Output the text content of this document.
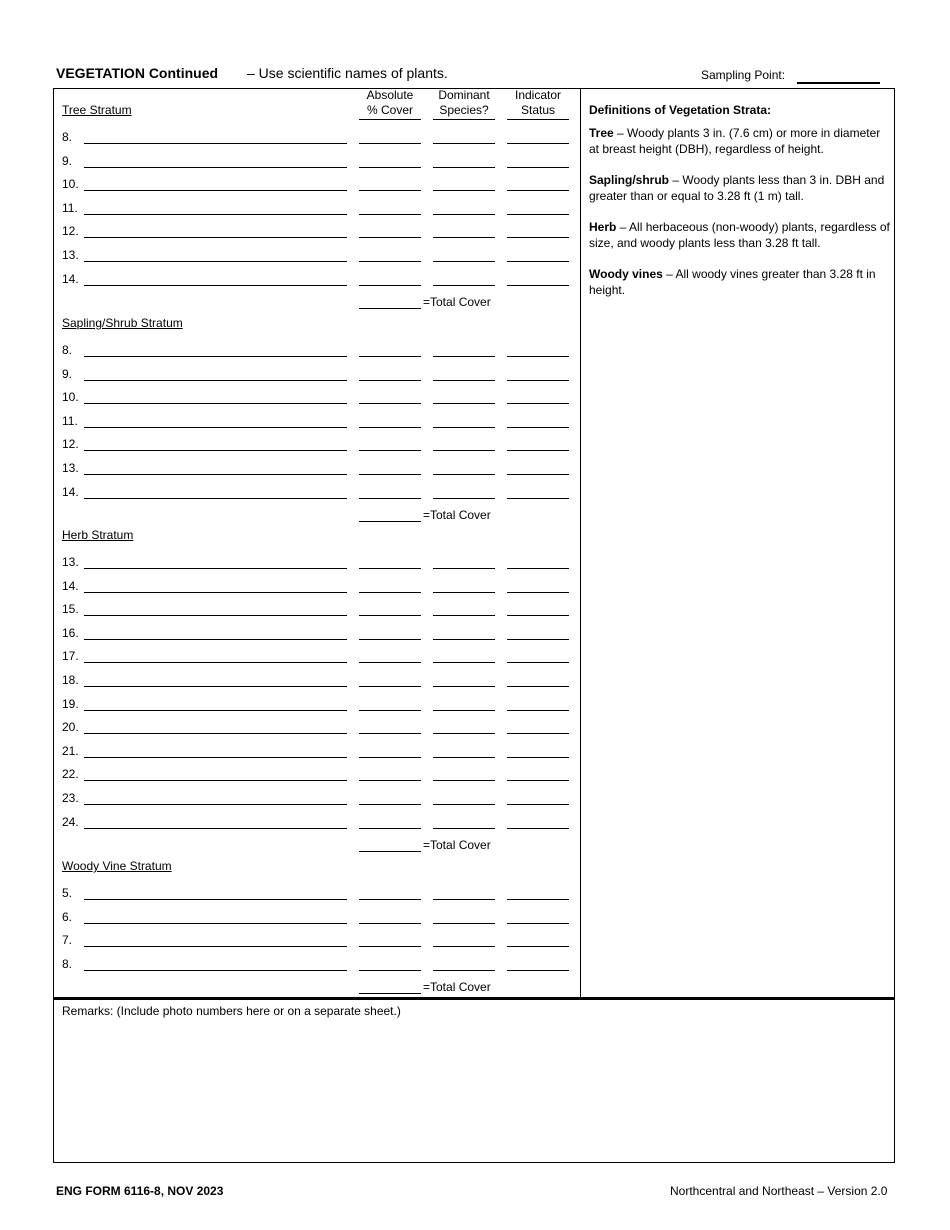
VEGETATION Continued – Use scientific names of plants.	Sampling Point:
Absolute
% Cover
Dominant
Species?
Indicator
Status
Tree Stratum
8.
9.
10.
11.
12.
13.
14.
=Total Cover
Sapling/Shrub Stratum
8.
9.
10.
11.
12.
13.
14.
=Total Cover
Herb Stratum
13.
14.
15.
16.
17.
18.
19.
20.
21.
22.
23.
24.
=Total Cover
Woody Vine Stratum
5.
6.
7.
8.
=Total Cover
Definitions of Vegetation Strata:
Tree – Woody plants 3 in. (7.6 cm) or more in diameter at breast height (DBH), regardless of height.
Sapling/shrub – Woody plants less than 3 in. DBH and greater than or equal to 3.28 ft (1 m) tall.
Herb – All herbaceous (non-woody) plants, regardless of size, and woody plants less than 3.28 ft tall.
Woody vines – All woody vines greater than 3.28 ft in height.
Remarks: (Include photo numbers here or on a separate sheet.)
ENG FORM 6116-8, NOV 2023	Northcentral and Northeast – Version 2.0
